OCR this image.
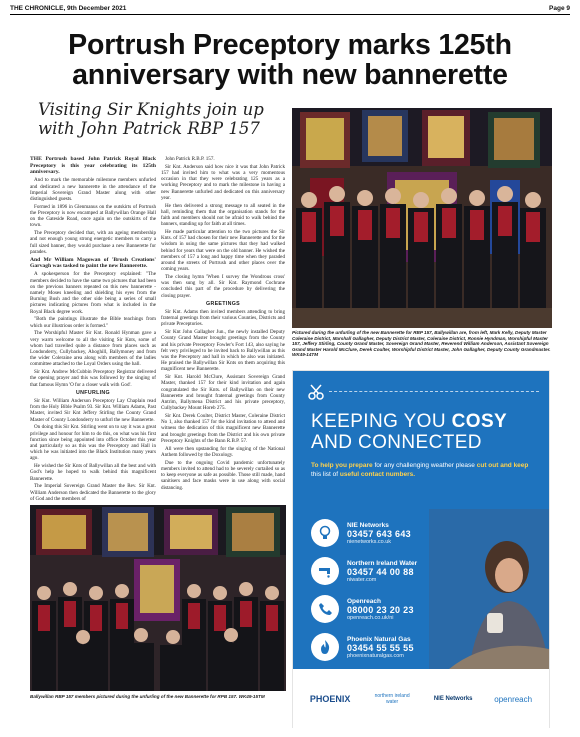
THE CHRONICLE, 9th December 2021	Page 9
Portrush Preceptory marks 125th anniversary with new bannerette
Visiting Sir Knights join up with John Patrick RBP 157

THE Portrush based John Patrick Royal Black Preceptory is this year celebrating its 125th anniversary.

And to mark the memorable milestone members unfurled and dedicated a new bannerette in the attendance of the Imperial Sovereign Grand Master along with other distinguished guests.

Formed in 1896 in Glenmanus on the outskirts of Portrush the Preceptory is now encamped at Ballywillan Orange Hall on the Gateside Road, once again on the outskirts of the town.

The Preceptory decided that, with an ageing membership and not enough young strong energetic members to carry a full sized banner, they would purchase a new Bannerette for parades.

And Mr William Magowan of 'Brush Creations' Garvagh was tasked to paint the new Bannerette.

A spokesperson for the Preceptory explained: "The members decided to have the same two pictures that had been on the previous banners repeated on this new bannerette - namely Moses kneeling and shielding his eyes from the Burning Bush and the other side being a series of small pictures indicating pictures from what is included in the Royal Black degree work.

"Both the paintings illustrate the Bible teachings from which our illustrious order is formed."

The Worshipful Master Sir Knt. Ronald Hynman gave a very warm welcome to all the visiting Sir Knts, some of whom had travelled quite a distance from places such as Londonderry, Cullybackey, Ahoghill, Ballymoney and from the wider Coleraine area along with members of the ladies committee attached to the Loyal Orders using the hall.

Sir Knt. Andrew McCubbin Preceptory Registrar delivered the opening prayer and this was followed by the singing of that famous Hymn 'O for a closer walk with God'.

UNFURLING

Sir Knt. William Anderson Preceptory Lay Chaplain read from the Holy Bible Psalm 93. Sir Knt. William Adams, Past Master, invited Sir Knt Jeffery Stirling the County Grand Master of County Londonderry to unfurl the new Bannerette.

On doing this Sir Knt. Stirling went on to say it was a great privilege and honour for him to do this, on what was his first function since being appointed into office October this year and particularly so as this was the Preceptory and Hall in which he was initiated into the Black Institution many years ago.

He wished the Sir Knts of Ballywillan all the best and with God's help he hoped to walk behind this magnificent Bannerette.

The Imperial Sovereign Grand Master the Rev. Sir Knt. William Anderson then dedicated the Bannerette to the glory of God and the members of

John Patrick R.B.P. 157.

Sir Knt. Anderson said how nice it was that John Patrick 157 had invited him to what was a very momentous occasion in that they were celebrating 125 years as a working Preceptory and to mark the milestone in having a new Bannerette unfurled and dedicated on this anniversary year.

He then delivered a strong message to all seated in the hall, reminding them that the organisation stands for the faith and members should not be afraid to walk behind the banners, standing up for faith at all times.

He made particular attention to the two pictures the Sir Knts. of 157 had chosen for their new Bannerette and for the wisdom in using the same pictures that they had walked behind for years that were on the old banner. He wished the members of 157 a long and happy time when they paraded around the streets of Portrush and other places over the coming years.

The closing hymn 'When I survey the Wondrous cross' was then sung by all. Sir Knt. Raymond Cochrane concluded this part of the procedure by delivering the closing prayer.

GREETINGS

Sir Knt. Adams then invited members attending to bring fraternal greetings from their various Counties, Districts and private Preceptories.

Sir Knt John Gallagher Jun., the newly installed Deputy County Grand Master brought greetings from the County and his private Preceptory Fowler's Fort 143, also saying he felt very privileged to be invited back to Ballywillan as this was the Preceptory and hall in which he also was initiated. He praised the Ballywillan Sir Knts on them acquiring this magnificent new Bannerette.

Sir Knt. Harold McClure, Assistant Sovereign Grand Master, thanked 157 for their kind invitation and again congratulated the Sir Knts. of Ballywillan on their new Bannerette and brought fraternal greetings from County Antrim, Ballymena District and his private preceptory, Cullybackey Mount Horeb 275.

Sir Knt. Derek Coulter, District Master, Coleraine District No 1, also thanked 157 for the kind invitation to attend and witness the dedication of this magnificent new Bannerette and brought greetings from the District and his own private Preceptory Knights of the Bann R.B.P. 57.

All were then upstanding for the singing of the National Anthem followed by the Doxology.

Due to the ongoing Covid pandemic unfortunately members invited to attend had to be severely curtailed so as to keep everyone as safe as possible. Those still made, hand sanitisers and face masks were in use along with social distancing.

Pictured during the unfurling of the new Bannerette for RBP 157, Ballywillan are, from left, Mark Kelly, Deputy Master Coleraine District, Marshall Gallagher, Deputy District Master, Coleraine District, Ronnie Hyndman, Worshipful Master 157, Jeffery Stirling, County Grand Master, Sovereign Grand Master, Reverend William Anderson, Assistant Sovereign Grand Master Harold McClure, Derek Coulter, Worshipful District Master, John Gallagher, Deputy County Grandmaster. WK49-14TM
Ballywillan RBP 157 members pictured during the unfurling of the new Bannerette for RPB 157. WK49-15TM
KEEPING YOU COSY
AND CONNECTED
To help you prepare for any challenging weather please cut out and keep this list of useful contact numbers.
NIE Networks
03457 643 643
nienetworks.co.uk
Northern Ireland Water
03457 44 00 88
niwater.com
Openreach
08000 23 20 23
openreach.co.uk/ni
Phoenix Natural Gas
03454 55 55 55
phoenixnaturalgas.com
PHOENIX	northern ireland water	NIE Networks	openreach
